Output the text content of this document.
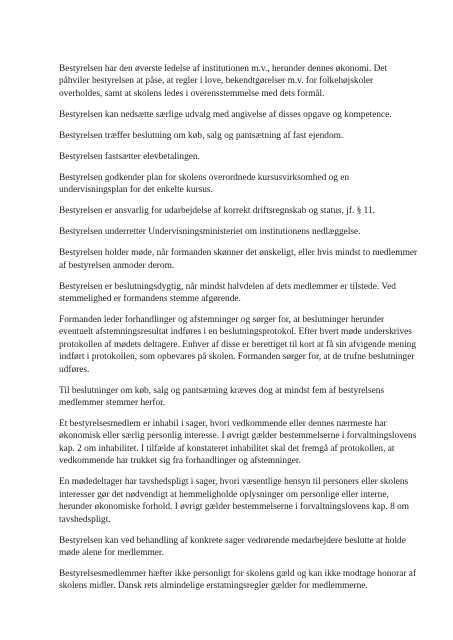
Bestyrelsen har den øverste ledelse af institutionen m.v., herunder dennes økonomi. Det
påhviler bestyrelsen at påse, at regler i love, bekendtgørelser m.v. for folkehøjskoler
overholdes, samt at skolens ledes i overensstemmelse med dets formål.

Bestyrelsen kan nedsætte særlige udvalg med angivelse af disses opgave og kompetence.

Bestyrelsen træffer beslutning om køb, salg og pantsætning af fast ejendom.

Bestyrelsen fastsætter elevbetalingen.

Bestyrelsen godkender plan for skolens overordnede kursusvirksomhed og en
undervisningsplan for det enkelte kursus.

Bestyrelsen er ansvarlig for udarbejdelse af korrekt driftsregnskab og status, jf. § 11.

Bestyrelsen underretter Undervisningsministeriet om institutionens nedlæggelse.

Bestyrelsen holder møde, når formanden skønner det ønskeligt, eller hvis mindst to medlemmer
af bestyrelsen anmoder derom.

Bestyrelsen er beslutningsdygtig, når mindst halvdelen af dets medlemmer er tilstede. Ved
stemmelighed er formandens stemme afgørende.

Formanden leder forhandlinger og afstemninger og sørger for, at beslutninger herunder
eventuelt afstemningsresultat indføres i en beslutningsprotokol. Efter hvert møde underskrives
protokollen af mødets deltagere. Enhver af disse er berettiget til kort at få sin afvigende mening
indført i protokollen, som opbevares på skolen. Formanden sørger for, at de trufne beslutninger
udføres.

Til beslutninger om køb, salg og pantsætning kræves dog at mindst fem af bestyrelsens
medlemmer stemmer herfor.

Et bestyrelsesmedlem er inhabil i sager, hvori vedkommende eller dennes nærmeste har
økonomisk eller særlig personlig interesse. I øvrigt gælder bestemmelserne i forvaltningslovens
kap. 2 om inhabilitet. I tilfælde af konstateret inhabilitet skal det fremgå af protokollen, at
vedkommende har trukket sig fra forhandlinger og afstemninger.

En mødedeltager har tavshedspligt i sager, hvori væsentlige hensyn til personers eller skolens
interesser gør det nødvendigt at hemmeligholde oplysninger om personlige eller interne,
herunder økonomiske forhold. I øvrigt gælder bestemmelserne i forvaltningslovens kap. 8 om
tavshedspligt.

Bestyrelsen kan ved behandling af konkrete sager vedrørende medarbejdere beslutte at holde
møde alene for medlemmer.

Bestyrelsesmedlemmer hæfter ikke personligt for skolens gæld og kan ikke modtage honorar af
skolens midler. Dansk rets almindelige erstatningsregler gælder for medlemmerne.
